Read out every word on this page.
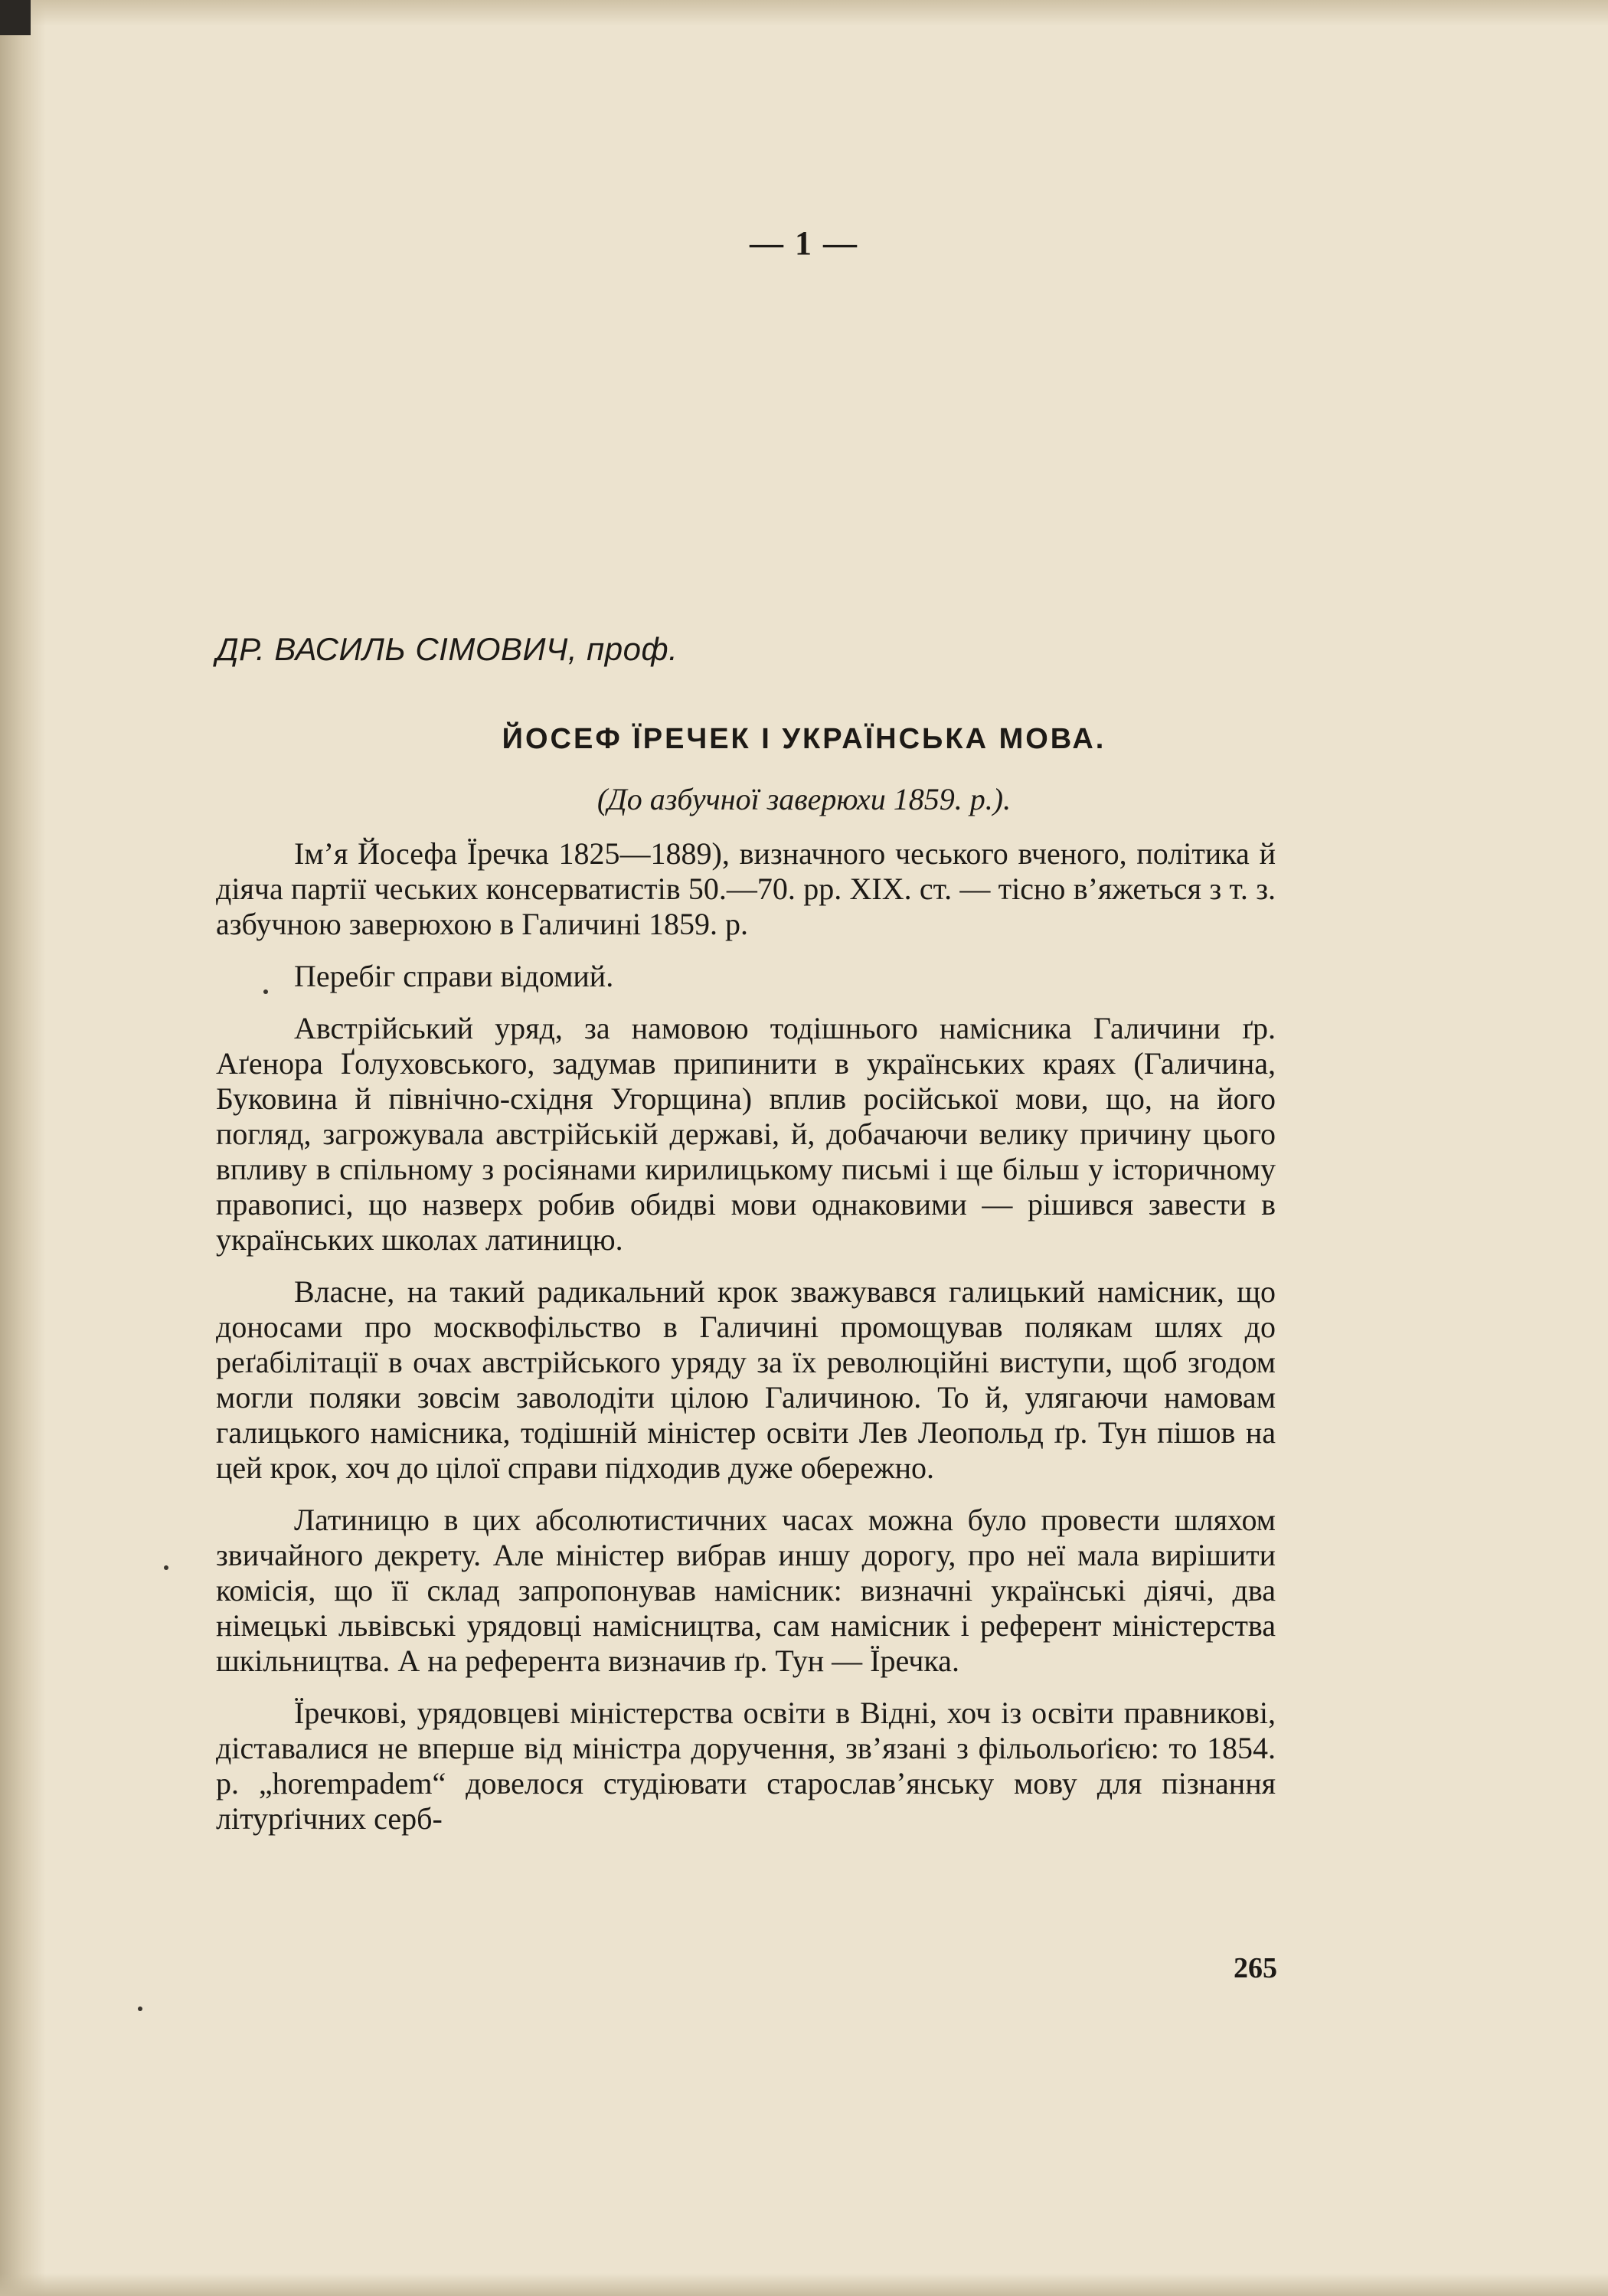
— 1 —
ДР. ВАСИЛЬ СІМОВИЧ, проф.
ЙОСЕФ ЇРЕЧЕК І УКРАЇНСЬКА МОВА.
(До азбучної заверюхи 1859. р.).

Ім’я Йосефа Їречка 1825—1889), визначного чеського вченого, політика й діяча партії чеських консерватистів 50.—70. рр. XIX. ст. — тісно в’яжеться з т. з. азбучною заверюхою в Галичині 1859. р.

Перебіг справи відомий.

Австрійський уряд, за намовою тодішнього намісника Галичини ґр. Аґенора Ґолуховського, задумав припинити в українських краях (Галичина, Буковина й північно-східня Угорщина) вплив російської мови, що, на його погляд, загрожувала австрійській державі, й, добачаючи велику причину цього впливу в спільному з росіянами кирилицькому письмі і ще більш у історичному правописі, що назверх робив обидві мови однаковими — рішився завести в українських школах латиницю.

Власне, на такий радикальний крок зважувався галицький намісник, що доносами про москвофільство в Галичині промощував полякам шлях до реґабілітації в очах австрійського уряду за їх революційні виступи, щоб згодом могли поляки зовсім заволодіти цілою Галичиною. То й, улягаючи намовам галицького намісника, тодішній міністер освіти Лев Леопольд ґр. Тун пішов на цей крок, хоч до цілої справи підходив дуже обережно.

Латиницю в цих абсолютистичних часах можна було провести шляхом звичайного декрету. Але міністер вибрав иншу дорогу, про неї мала вирішити комісія, що її склад запропонував намісник: визначні українські діячі, два німецькі львівські урядовці намісництва, сам намісник і референт міністерства шкільництва. А на референта визначив ґр. Тун — Їречка.

Їречкові, урядовцеві міністерства освіти в Відні, хоч із освіти правникові, діставалися не вперше від міністра доручення, зв’язані з фільольоґією: то 1854. р. „horempadem“ довелося студіювати старослав’янську мову для пізнання літурґічних серб-

265
